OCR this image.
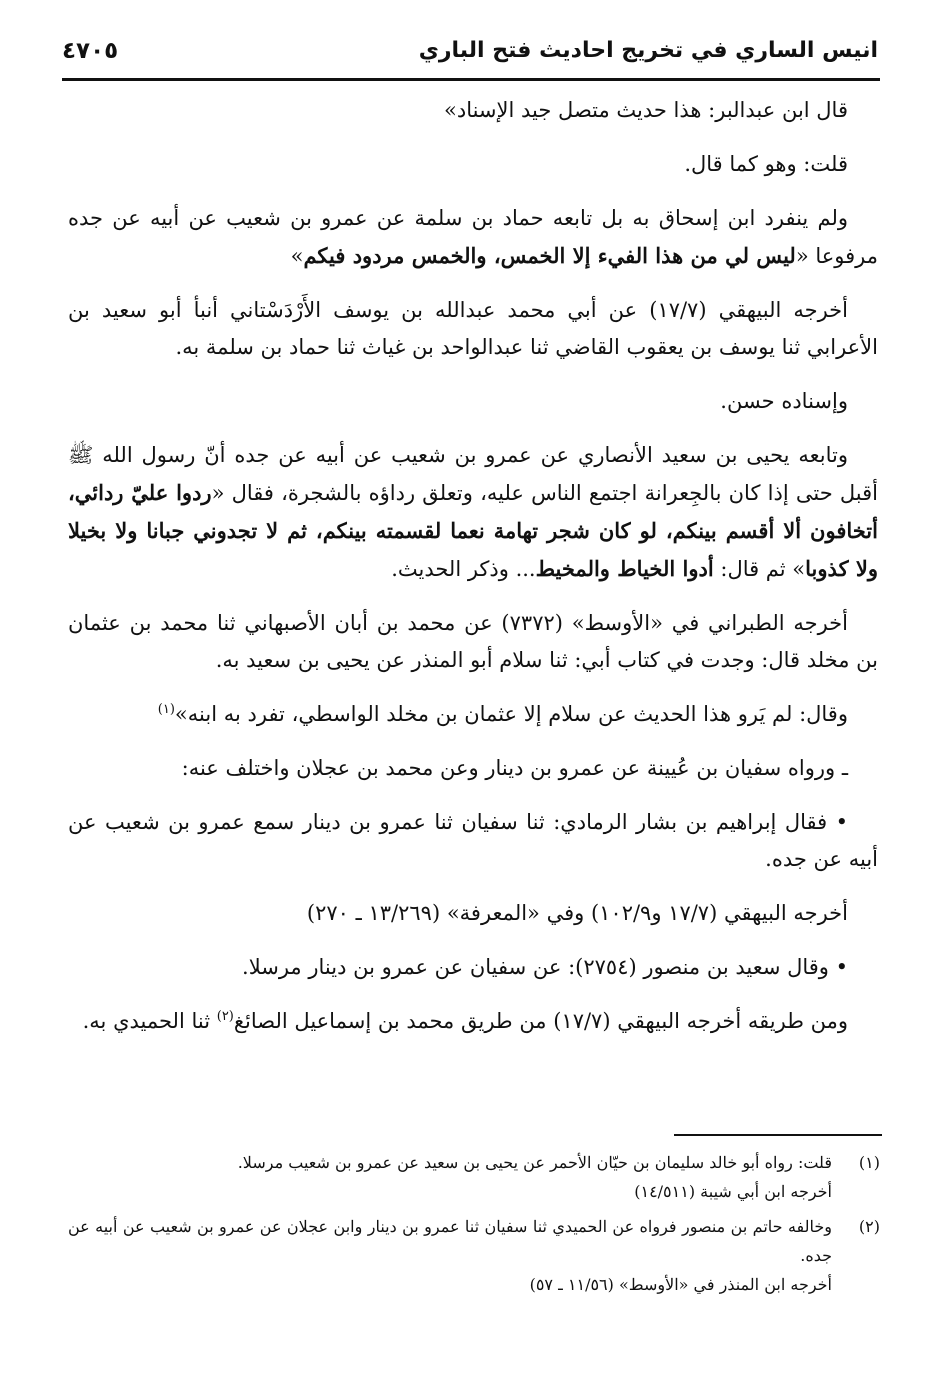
انيس الساري في تخريج احاديث فتح الباري
٤٧٠٥

قال ابن عبدالبر: هذا حديث متصل جيد الإسناد»

قلت: وهو كما قال.

ولم ينفرد ابن إسحاق به بل تابعه حماد بن سلمة عن عمرو بن شعيب عن أبيه عن جده مرفوعا «ليس لي من هذا الفيء إلا الخمس، والخمس مردود فيكم»

أخرجه البيهقي (١٧/٧) عن أبي محمد عبدالله بن يوسف الأَرْدَسْتاني أنبأ أبو سعيد بن الأعرابي ثنا يوسف بن يعقوب القاضي ثنا عبدالواحد بن غياث ثنا حماد بن سلمة به.

وإسناده حسن.

وتابعه يحيى بن سعيد الأنصاري عن عمرو بن شعيب عن أبيه عن جده أنّ رسول الله ﷺ أقبل حتى إذا كان بالجِعرانة اجتمع الناس عليه، وتعلق رداؤه بالشجرة، فقال «ردوا عليّ ردائي، أتخافون ألا أقسم بينكم، لو كان شجر تهامة نعما لقسمته بينكم، ثم لا تجدوني جبانا ولا بخيلا ولا كذوبا» ثم قال: أدوا الخياط والمخيط... وذكر الحديث.

أخرجه الطبراني في «الأوسط» (٧٣٧٢) عن محمد بن أبان الأصبهاني ثنا محمد بن عثمان بن مخلد قال: وجدت في كتاب أبي: ثنا سلام أبو المنذر عن يحيى بن سعيد به.

وقال: لم يَرو هذا الحديث عن سلام إلا عثمان بن مخلد الواسطي، تفرد به ابنه»$^{(١)}$

ـ ورواه سفيان بن عُيينة عن عمرو بن دينار وعن محمد بن عجلان واختلف عنه:

• فقال إبراهيم بن بشار الرمادي: ثنا سفيان ثنا عمرو بن دينار سمع عمرو بن شعيب عن أبيه عن جده.

أخرجه البيهقي (١٧/٧ و١٠٢/٩) وفي «المعرفة» (١٣/٢٦٩ ـ ٢٧٠)

• وقال سعيد بن منصور (٢٧٥٤): عن سفيان عن عمرو بن دينار مرسلا.

ومن طريقه أخرجه البيهقي (١٧/٧) من طريق محمد بن إسماعيل الصائغ$^{(٢)}$ ثنا الحميدي به.

(١)
قلت: رواه أبو خالد سليمان بن حيّان الأحمر عن يحيى بن سعيد عن عمرو بن شعيب مرسلا.
أخرجه ابن أبي شيبة (١٤/٥١١)
(٢)
وخالفه حاتم بن منصور فرواه عن الحميدي ثنا سفيان ثنا عمرو بن دينار وابن عجلان عن عمرو بن شعيب عن أبيه عن جده.
أخرجه ابن المنذر في «الأوسط» (١١/٥٦ ـ ٥٧)
